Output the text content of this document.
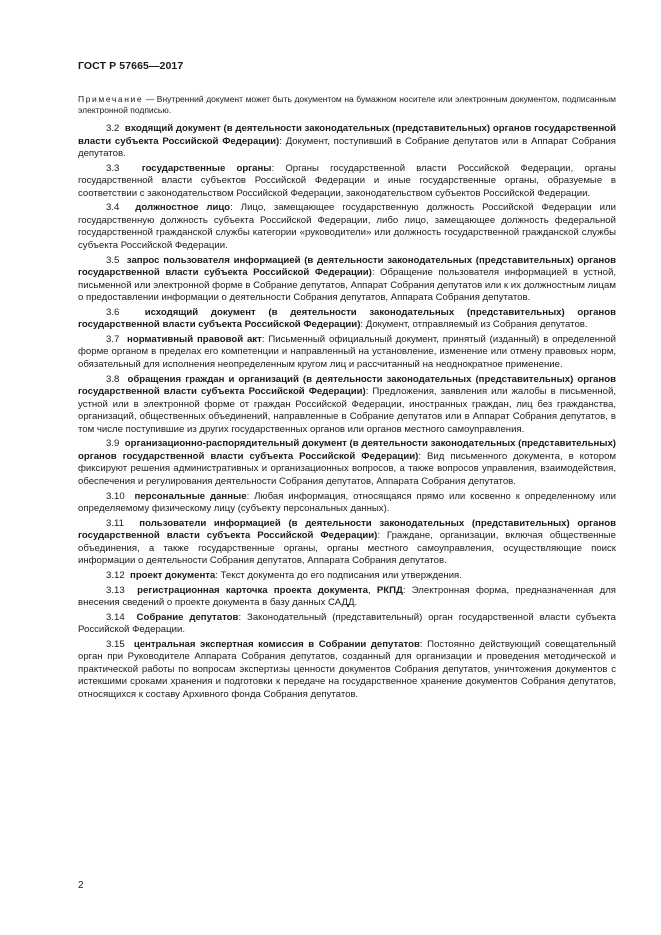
ГОСТ Р 57665—2017
Примечание — Внутренний документ может быть документом на бумажном носителе или электронным документом, подписанным электронной подписью.

3.2 входящий документ (в деятельности законодательных (представительных) органов государственной власти субъекта Российской Федерации): Документ, поступивший в Собрание депутатов или в Аппарат Собрания депутатов.

3.3 государственные органы: Органы государственной власти Российской Федерации, органы государственной власти субъектов Российской Федерации и иные государственные органы, образуемые в соответствии с законодательством Российской Федерации, законодательством субъектов Российской Федерации.

3.4 должностное лицо: Лицо, замещающее государственную должность Российской Федерации или государственную должность субъекта Российской Федерации, либо лицо, замещающее должность федеральной государственной гражданской службы категории «руководители» или должность государственной гражданской службы субъекта Российской Федерации.

3.5 запрос пользователя информацией (в деятельности законодательных (представительных) органов государственной власти субъекта Российской Федерации): Обращение пользователя информацией в устной, письменной или электронной форме в Собрание депутатов, Аппарат Собрания депутатов или к их должностным лицам о предоставлении информации о деятельности Собрания депутатов, Аппарата Собрания депутатов.

3.6	исходящий документ (в деятельности законодательных (представительных) органов государственной власти субъекта Российской Федерации): Документ, отправляемый из Собрания депутатов.

3.7 нормативный правовой акт: Письменный официальный документ, принятый (изданный) в определенной форме органом в пределах его компетенции и направленный на установление, изменение или отмену правовых норм, обязательный для исполнения неопределенным кругом лиц и рассчитанный на неоднократное применение.

3.8 обращения граждан и организаций (в деятельности законодательных (представительных) органов государственной власти субъекта Российской Федерации): Предложения, заявления или жалобы в письменной, устной или в электронной форме от граждан Российской Федерации, иностранных граждан, лиц без гражданства, организаций, общественных объединений, направленные в Собрание депутатов или в Аппарат Собрания депутатов, в том числе поступившие из других государственных органов или органов местного самоуправления.

3.9 организационно-распорядительный документ (в деятельности законодательных (представительных) органов государственной власти субъекта Российской Федерации): Вид письменного документа, в котором фиксируют решения административных и организационных вопросов, а также вопросов управления, взаимодействия, обеспечения и регулирования деятельности Собрания депутатов, Аппарата Собрания депутатов.

3.10 персональные данные: Любая информация, относящаяся прямо или косвенно к определенному или определяемому физическому лицу (субъекту персональных данных).

3.11 пользователи информацией (в деятельности законодательных (представительных) органов государственной власти субъекта Российской Федерации): Граждане, организации, включая общественные объединения, а также государственные органы, органы местного самоуправления, осуществляющие поиск информации о деятельности Собрания депутатов, Аппарата Собрания депутатов.

3.12 проект документа: Текст документа до его подписания или утверждения.

3.13 регистрационная карточка проекта документа, РКПД: Электронная форма, предназначенная для внесения сведений о проекте документа в базу данных САДД.

3.14 Собрание депутатов: Законодательный (представительный) орган государственной власти субъекта Российской Федерации.

3.15 центральная экспертная комиссия в Собрании депутатов: Постоянно действующий совещательный орган при Руководителе Аппарата Собрания депутатов, созданный для организации и проведения методической и практической работы по вопросам экспертизы ценности документов Собрания депутатов, уничтожения документов с истекшими сроками хранения и подготовки к передаче на государственное хранение документов Собрания депутатов, относящихся к составу Архивного фонда Собрания депутатов.

2
